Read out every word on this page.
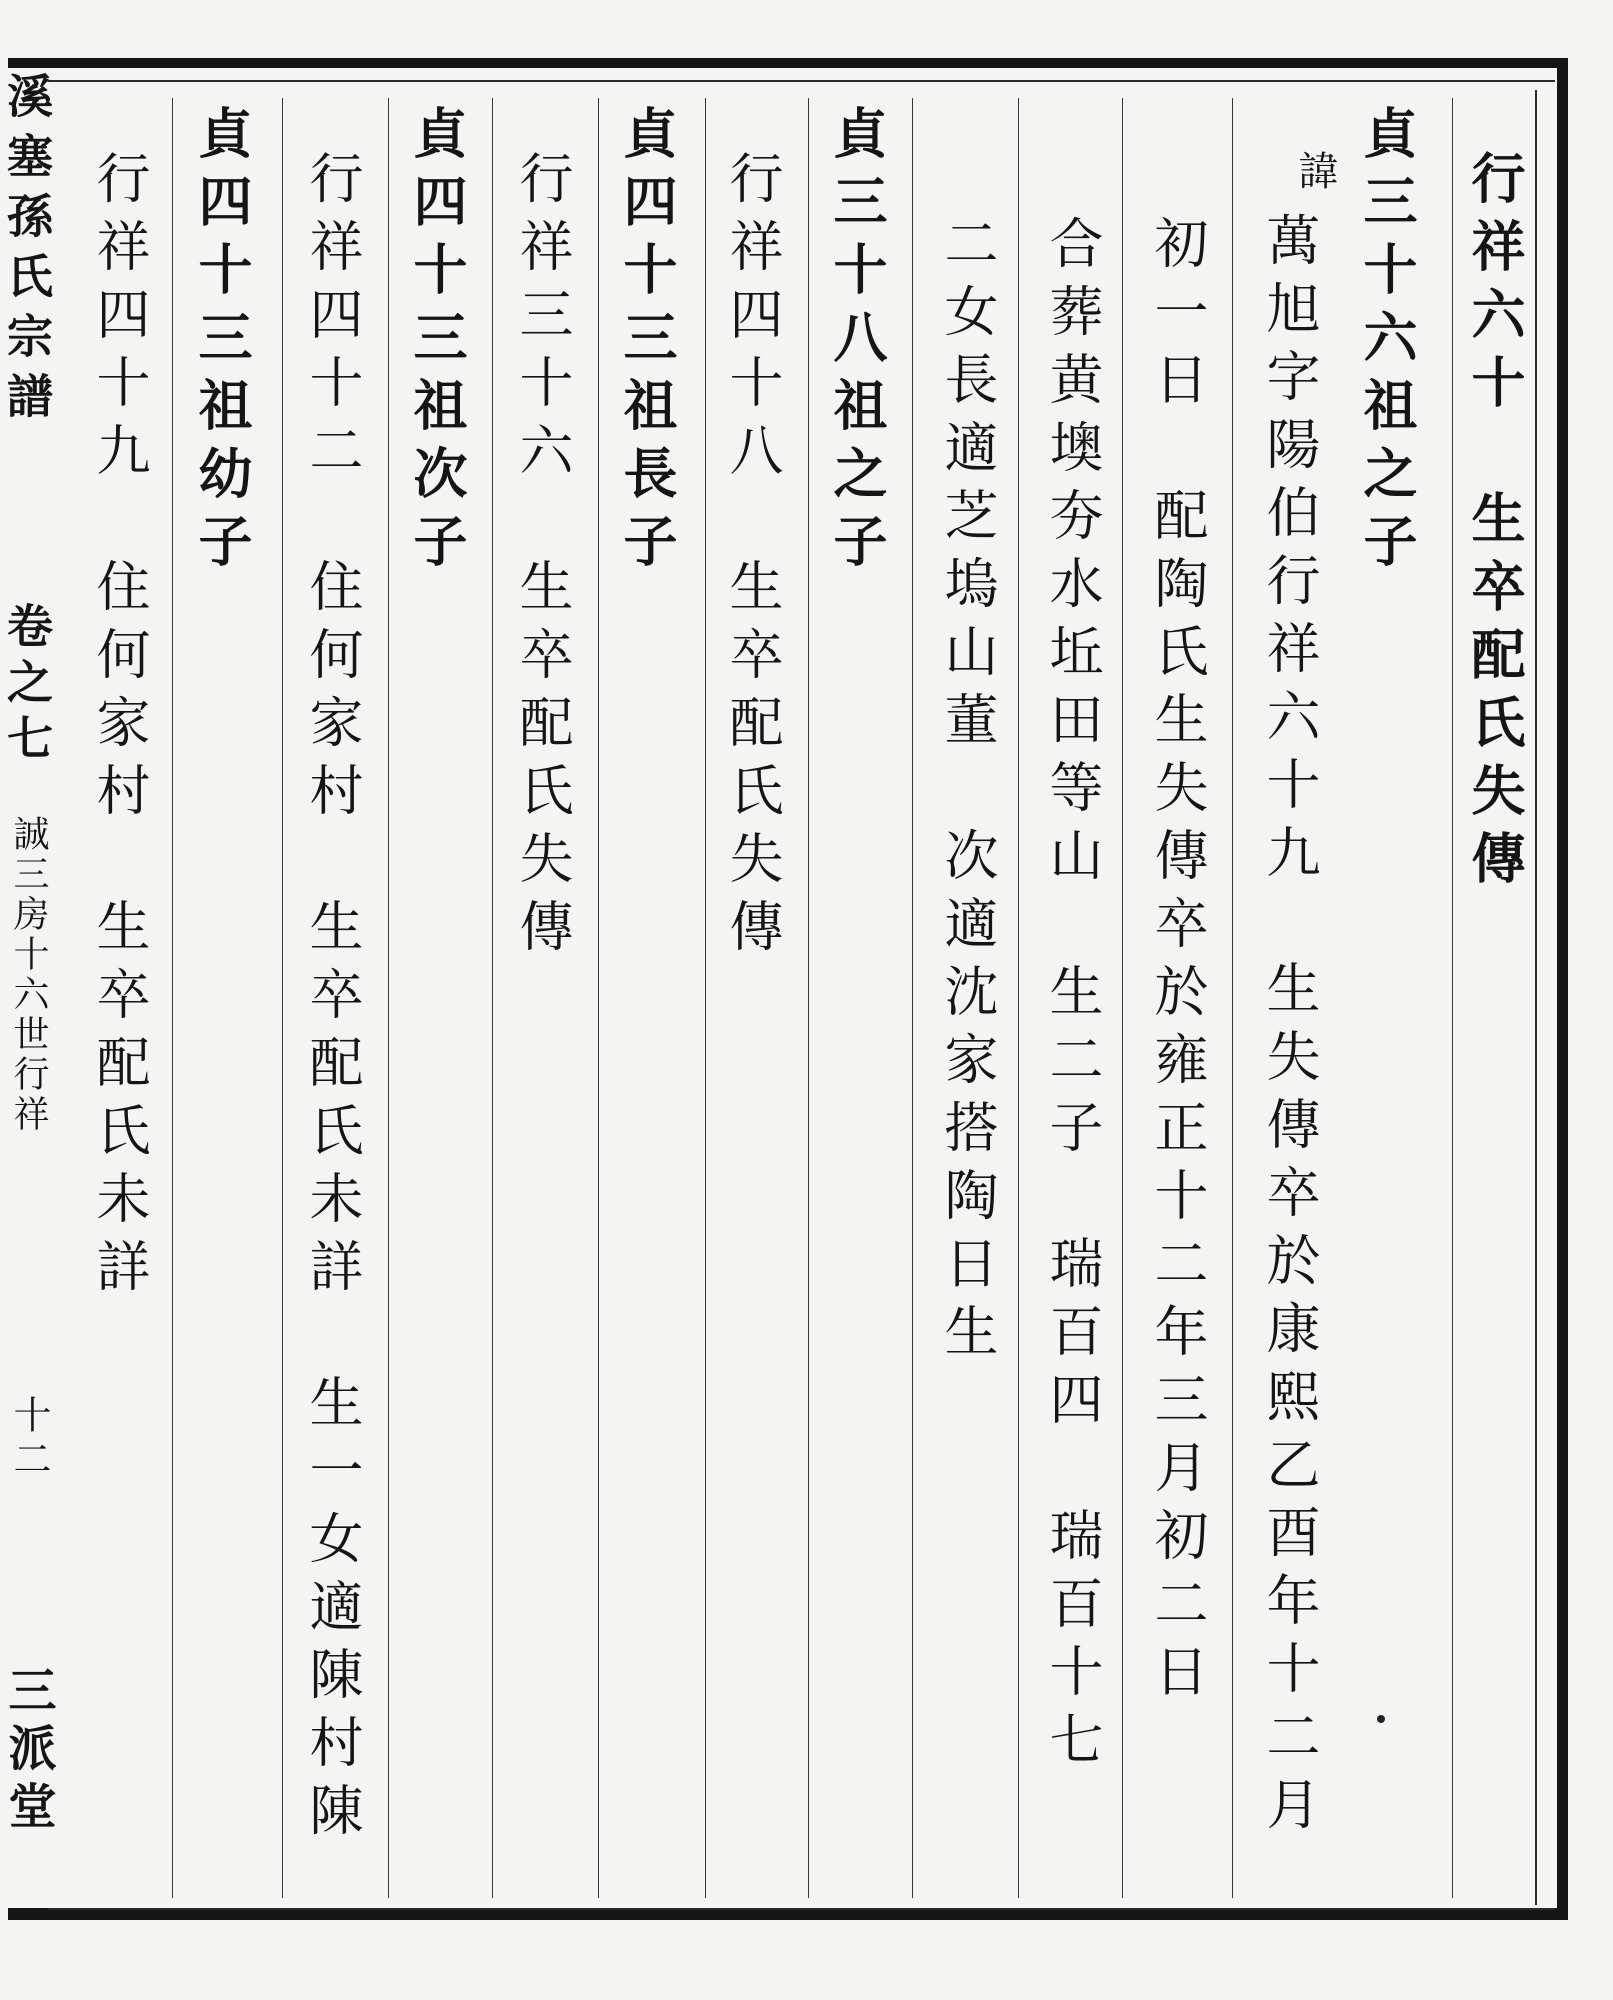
溪塞孫氏宗譜
卷之七
誠三房十六世行祥
十二
三派堂
行祥六十　生卒配氏失傳
貞三十六祖之子
諱
萬旭字陽伯行祥六十九　生失傳卒於康熙乙酉年十二月
初一日　配陶氏生失傳卒於雍正十二年三月初二日
合葬黄墺夯水坵田等山　生二子　瑞百四　瑞百十七
二女長適芝塢山董　次適沈家搭陶日生
貞三十八祖之子
行祥四十八　生卒配氏失傳
貞四十三祖長子
行祥三十六　生卒配氏失傳
貞四十三祖次子
行祥四十二　住何家村　生卒配氏未詳　生一女適陳村陳
貞四十三祖幼子
行祥四十九　住何家村　生卒配氏未詳
